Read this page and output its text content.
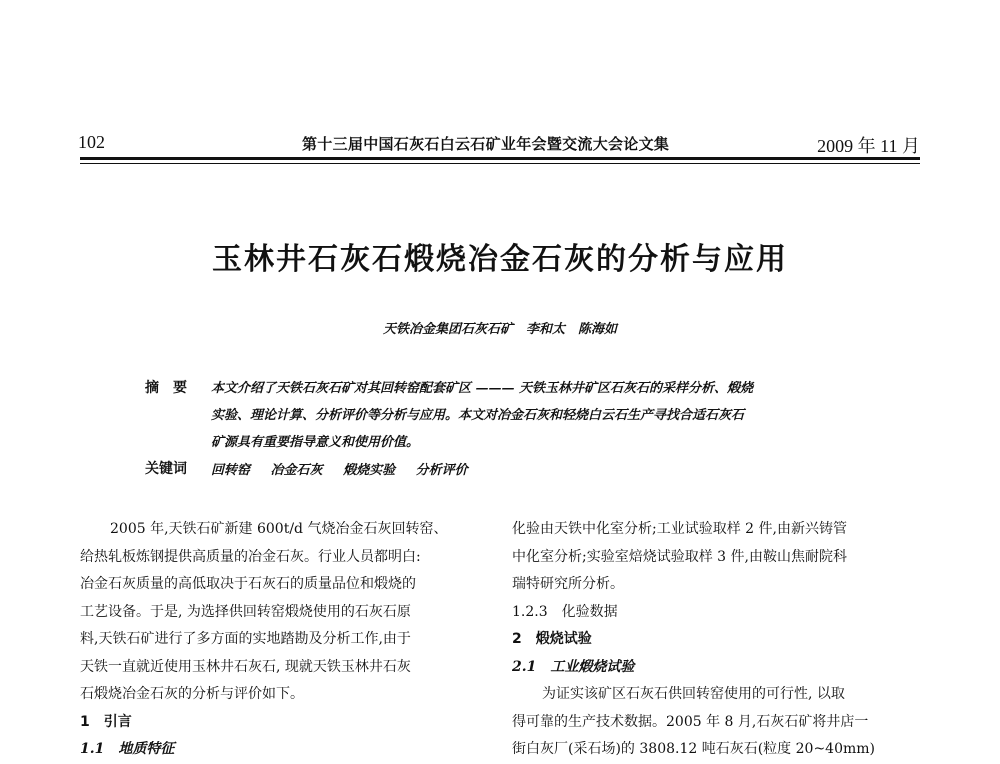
102	第十三届中国石灰石白云石矿业年会暨交流大会论文集	2009 年 11 月
玉林井石灰石煅烧冶金石灰的分析与应用
天铁冶金集团石灰石矿　李和太　陈海如
摘　要 本文介绍了天铁石灰石矿对其回转窑配套矿区 ——— 天铁玉林井矿区石灰石的采样分析、煅烧
实验、理论计算、分析评价等分析与应用。本文对冶金石灰和轻烧白云石生产寻找合适石灰石
矿源具有重要指导意义和使用价值。
关键词 回转窑 冶金石灰 煅烧实验 分析评价
2005 年,天铁石矿新建 600t/d 气烧冶金石灰回转窑、
给热轧板炼钢提供高质量的冶金石灰。行业人员都明白:
冶金石灰质量的高低取决于石灰石的质量品位和煅烧的
工艺设备。于是, 为选择供回转窑煅烧使用的石灰石原
料,天铁石矿进行了多方面的实地踏勘及分析工作,由于
天铁一直就近使用玉林井石灰石, 现就天铁玉林井石灰
石煅烧冶金石灰的分析与评价如下。
1　引言
1.1　地质特征
化验由天铁中化室分析;工业试验取样 2 件,由新兴铸管
中化室分析;实验室焙烧试验取样 3 件,由鞍山焦耐院科
瑞特研究所分析。
1.2.3　化验数据
2　煅烧试验
2.1　工业煅烧试验
为证实该矿区石灰石供回转窑使用的可行性, 以取
得可靠的生产技术数据。2005 年 8 月,石灰石矿将井店一
街白灰厂(采石场)的 3808.12 吨石灰石(粒度 20~40mm)
